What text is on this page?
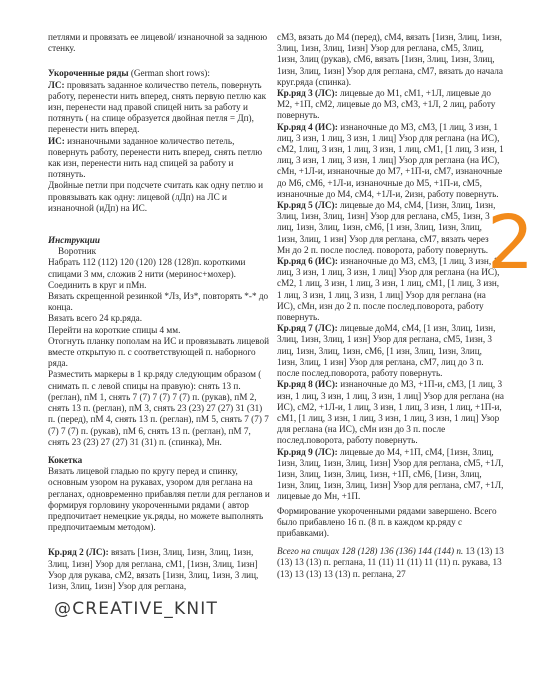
петлями и провязать ее лицевой/ изнаночной за заднюю стенку.

Укороченные ряды (German short rows):

ЛС: провязать заданное количество петель, повернуть работу, перенести нить вперед, снять первую петлю как изн, перенести над правой спицей нить за работу и потянуть ( на спице образуется двойная петля = Дп), перенести нить вперед.

ИС: изнаночными заданное количество петель, повернуть работу, перенести нить вперед, снять петлю как изн, перенести нить над спицей за работу и потянуть.

Двойные петли при подсчете считать как одну петлю и провязывать как одну: лицевой (лДп) на ЛС и изнаночной (иДп) на ИС.

Инструкции

Воротник

Набрать 112 (112) 120 (120) 128 (128)п. короткими спицами 3 мм, сложив 2 нити (меринос+мохер). Соединить в круг и пМн.

Вязать скрещенной резинкой *Лз, Из*, повторять *-* до конца.

Вязать всего 24 кр.ряда.

Перейти на короткие спицы 4 мм.

Отогнуть планку пополам на ИС и провязывать лицевой вместе открытую п. с соответствующей п. наборного ряда.

Разместить маркеры в 1 кр.ряду следующим образом ( снимать п. с левой спицы на правую): снять 13 п. (реглан), пМ 1, снять 7 (7) 7 (7) 7 (7) п. (рукав), пМ 2, снять 13 п. (реглан), пМ 3, снять 23 (23) 27 (27) 31 (31) п. (перед), пМ 4, снять 13 п. (реглан), пМ 5, снять 7 (7) 7 (7) 7 (7) п. (рукав), пМ 6, снять 13 п. (реглан), пМ 7, снять 23 (23) 27 (27) 31 (31) п. (спинка), Мн.

Кокетка

Вязать лицевой гладью по кругу перед и спинку, основным узором на рукавах, узором для реглана на регланах, одновременно прибавляя петли для регланов и формируя горловину укороченными рядами ( автор предпочитает немецкие ук.ряды, но можете выполнять предпочитаемым методом).

Кр.ряд 2 (ЛС): вязать [1изн, 3лиц, 1изн, 3лиц, 1изн, 3лиц, 1изн] Узор для реглана, сМ1, [1изн, 3лиц, 1изн] Узор для рукава, сМ2, вязать [1изн, 3лиц, 1изн, 3 лиц, 1изн, 3лиц, 1изн] Узор для реглана,

сМ3, вязать до М4 (перед), сМ4, вязать [1изн, 3лиц, 1изн, 3лиц, 1изн, 3лиц, 1изн] Узор для реглана, сМ5, 3лиц, 1изн, 3лиц (рукав), сМ6, вязать [1изн, 3лиц, 1изн, 3лиц, 1изн, 3лиц, 1изн] Узор для реглана, сМ7, вязать до начала круг.ряда (спинка).

Кр.ряд 3 (ЛС): лицевые до М1, сМ1, +1Л, лицевые до М2, +1П, сМ2, лицевые до М3, сМ3, +1Л, 2 лиц, работу повернуть.

Кр.ряд 4 (ИС): изнаночные до М3, сМ3, [1 лиц, 3 изн, 1 лиц, 3 изн, 1 лиц, 3 изн, 1 лиц] Узор для реглана (на ИС), сМ2, 1лиц, 3 изн, 1 лиц, 3 изн, 1 лиц, сМ1, [1 лиц, 3 изн, 1 лиц, 3 изн, 1 лиц, 3 изн, 1 лиц] Узор для реглана (на ИС), сМн, +1Л-и, изнаночные до М7, +1П-и, сМ7, изнаночные до М6, сМ6, +1Л-и, изнаночные до М5, +1П-и, сМ5, изнаночные до М4, сМ4, +1Л-и, 2изн, работу повернуть.

Кр.ряд 5 (ЛС): лицевые до М4, сМ4, [1изн, 3лиц, 1изн, 3лиц, 1изн, 3лиц, 1изн] Узор для реглана, сМ5, 1изн, 3 лиц, 1изн, 3лиц, 1изн, сМ6, [1 изн, 3лиц, 1изн, 3лиц, 1изн, 3лиц, 1 изн] Узор для реглана, сМ7, вязать через Мн до 2 п. после послед. поворота, работу повернуть.

Кр.ряд 6 (ИС): изнаночные до М3, сМ3, [1 лиц, 3 изн, 1 лиц, 3 изн, 1 лиц, 3 изн, 1 лиц] Узор для реглана (на ИС), сМ2, 1 лиц, 3 изн, 1 лиц, 3 изн, 1 лиц, сМ1, [1 лиц, 3 изн, 1 лиц, 3 изн, 1 лиц, 3 изн, 1 лиц] Узор для реглана (на ИС), сМн, изн до 2 п. после послед.поворота, работу повернуть.

Кр.ряд 7 (ЛС): лицевые доМ4, сМ4, [1 изн, 3лиц, 1изн, 3лиц, 1изн, 3лиц, 1 изн] Узор для реглана, сМ5, 1изн, 3 лиц, 1изн, 3лиц, 1изн, сМ6, [1 изн, 3лиц, 1изн, 3лиц, 1изн, 3лиц, 1 изн] Узор для реглана, сМ7, лиц до 3 п. после послед.поворота, работу повернуть.

Кр.ряд 8 (ИС): изнаночные до М3, +1П-и, сМ3, [1 лиц, 3 изн, 1 лиц, 3 изн, 1 лиц, 3 изн, 1 лиц] Узор для реглана (на ИС), сМ2, +1Л-и, 1 лиц, 3 изн, 1 лиц, 3 изн, 1 лиц, +1П-и, сМ1, [1 лиц, 3 изн, 1 лиц, 3 изн, 1 лиц, 3 изн, 1 лиц] Узор для реглана (на ИС), сМн изн до 3 п. после послед.поворота, работу повернуть.

Кр.ряд 9 (ЛС): лицевые до М4, +1П, сМ4, [1изн, 3лиц, 1изн, 3лиц, 1изн, 3лиц, 1изн] Узор для реглана, сМ5, +1Л, 1изн, 3лиц, 1изн, 3лиц, 1изн, +1П, сМ6, [1изн, 3лиц, 1изн, 3лиц, 1изн, 3лиц, 1изн] Узор для реглана, сМ7, +1Л, лицевые до Мн, +1П.

Формирование укороченными рядами завершено. Всего было прибавлено 16 п. (8 п. в каждом кр.ряду с прибавками).

Всего на спицах 128 (128) 136 (136) 144 (144) п. 13 (13) 13 (13) 13 (13) п. реглана, 11 (11) 11 (11) 11 (11) п. рукава, 13 (13) 13 (13) 13 (13) п. реглана, 27

@CREATIVE_KNIT
2
